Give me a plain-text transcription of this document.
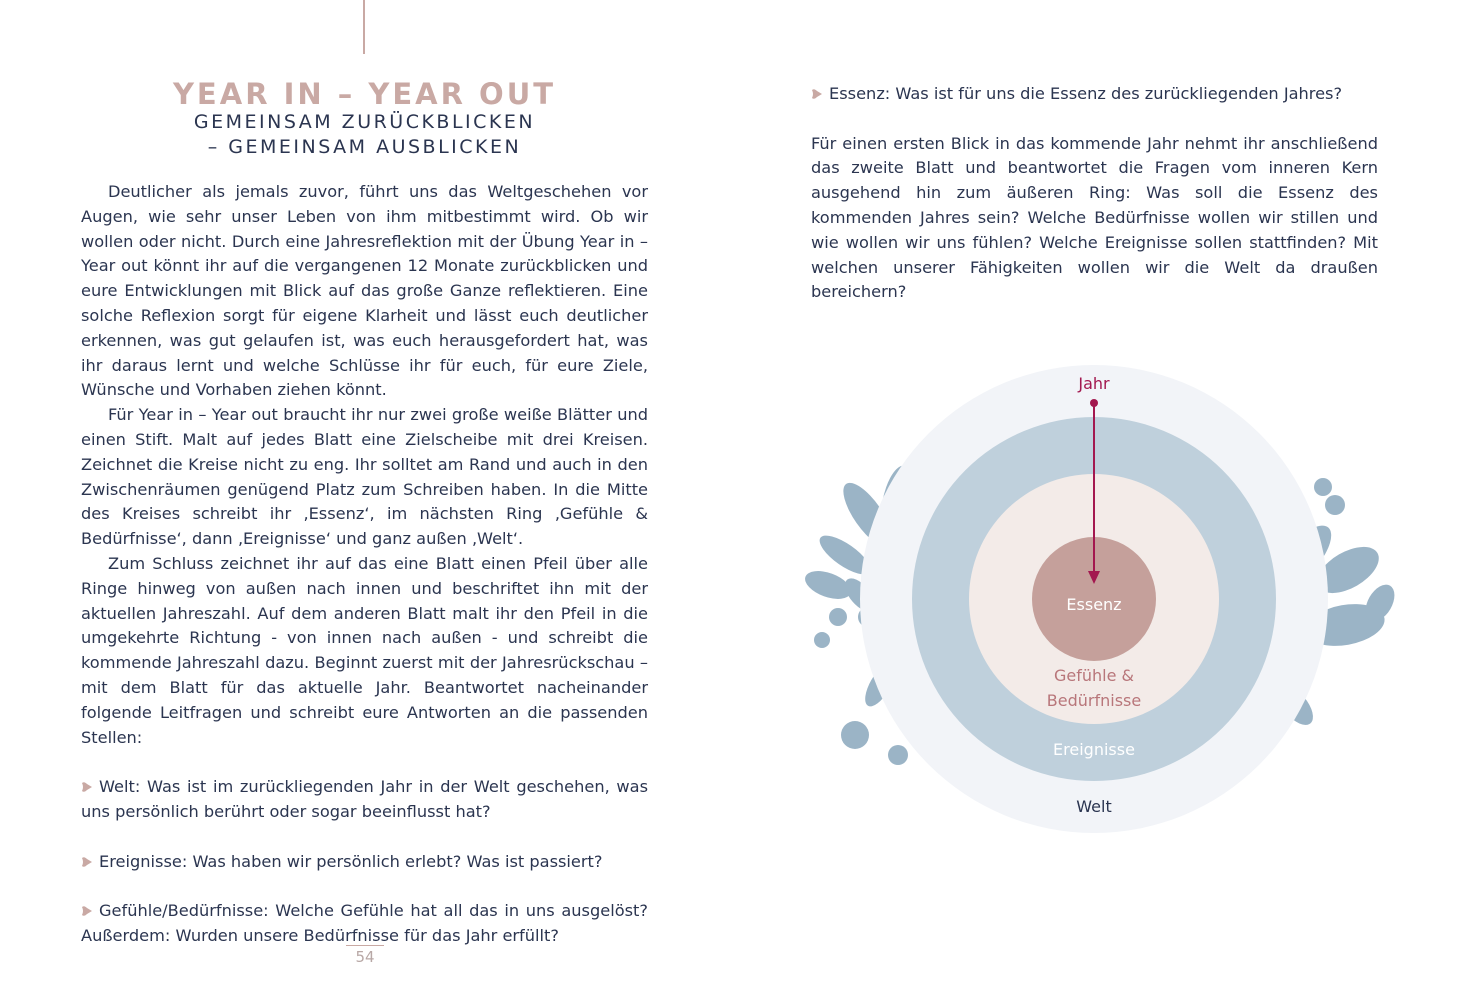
YEAR IN – YEAR OUT
GEMEINSAM ZURÜCKBLICKEN
– GEMEINSAM AUSBLICKEN

Deutlicher als jemals zuvor, führt uns das Weltgeschehen vor Augen, wie sehr unser Leben von ihm mitbestimmt wird. Ob wir wollen oder nicht. Durch eine Jahresreflektion mit der Übung Year in – Year out könnt ihr auf die vergangenen 12 Monate zurückblicken und eure Entwicklungen mit Blick auf das große Ganze reflektieren. Eine solche Reflexion sorgt für eigene Klarheit und lässt euch deutlicher erkennen, was gut gelaufen ist, was euch herausgefordert hat, was ihr daraus lernt und welche Schlüsse ihr für euch, für eure Ziele, Wünsche und Vorhaben ziehen könnt.

Für Year in – Year out braucht ihr nur zwei große weiße Blätter und einen Stift. Malt auf jedes Blatt eine Zielscheibe mit drei Kreisen. Zeichnet die Kreise nicht zu eng. Ihr solltet am Rand und auch in den Zwischenräumen genügend Platz zum Schreiben haben. In die Mitte des Kreises schreibt ihr ‚Essenz‘, im nächsten Ring ‚Gefühle & Bedürfnisse‘, dann ‚Ereignisse‘ und ganz außen ‚Welt‘.

Zum Schluss zeichnet ihr auf das eine Blatt einen Pfeil über alle Ringe hinweg von außen nach innen und beschriftet ihn mit der aktuellen Jahreszahl. Auf dem anderen Blatt malt ihr den Pfeil in die umgekehrte Richtung - von innen nach außen - und schreibt die kommende Jahreszahl dazu. Beginnt zuerst mit der Jahresrückschau – mit dem Blatt für das aktuelle Jahr. Beantwortet nacheinander folgende Leitfragen und schreibt eure Antworten an die passenden Stellen:

Welt: Was ist im zurückliegenden Jahr in der Welt geschehen, was uns persönlich berührt oder sogar beeinflusst hat?

Ereignisse: Was haben wir persönlich erlebt? Was ist passiert?

Gefühle/Bedürfnisse: Welche Gefühle hat all das in uns ausgelöst? Außerdem: Wurden unsere Bedürfnisse für das Jahr erfüllt?

Essenz: Was ist für uns die Essenz des zurückliegenden Jahres?

Für einen ersten Blick in das kommende Jahr nehmt ihr anschließend das zweite Blatt und beantwortet die Fragen vom inneren Kern ausgehend hin zum äußeren Ring: Was soll die Essenz des kommenden Jahres sein? Welche Bedürfnisse wollen wir stillen und wie wollen wir uns fühlen? Welche Ereignisse sollen stattfinden? Mit welchen unserer Fähigkeiten wollen wir die Welt da draußen bereichern?

Jahr
Essenz
Gefühle &
Bedürfnisse
Ereignisse
Welt
54
